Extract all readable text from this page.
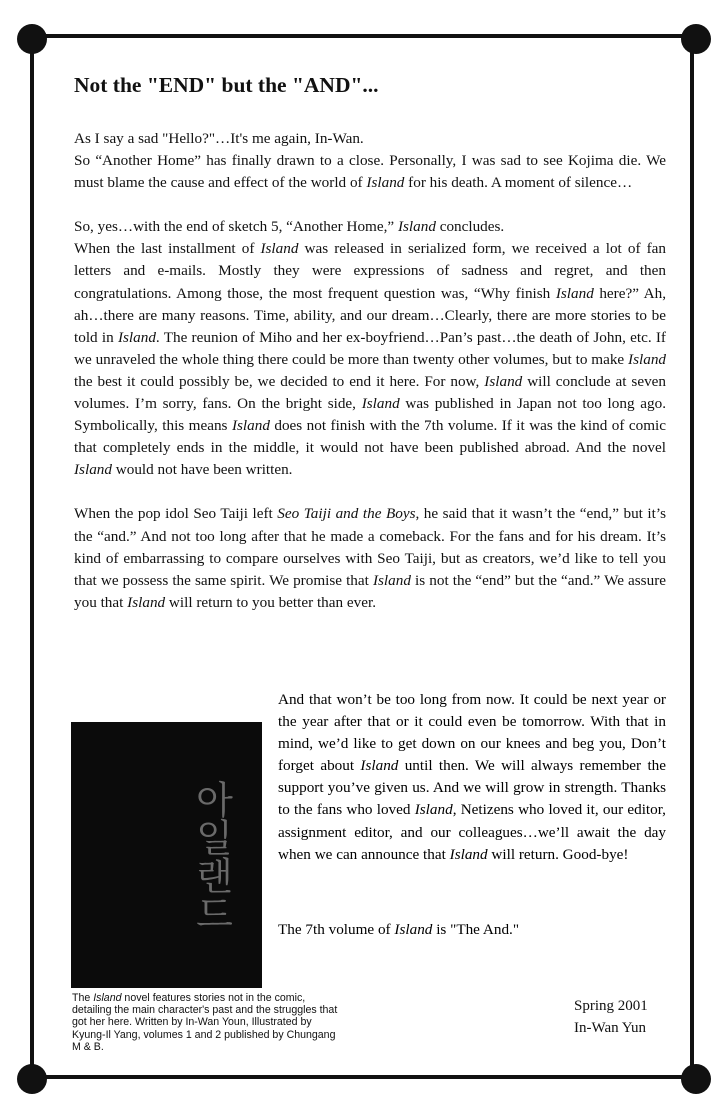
Not the "END" but the "AND"...

As I say a sad "Hello?"…It's me again, In-Wan.
So “Another Home” has finally drawn to a close. Personally, I was sad to see Kojima die. We must blame the cause and effect of the world of Island for his death. A moment of silence…

So, yes…with the end of sketch 5, “Another Home,” Island concludes.

When the last installment of Island was released in serialized form, we received a lot of fan letters and e-mails. Mostly they were expressions of sadness and regret, and then congratulations. Among those, the most frequent question was, “Why finish Island here?” Ah, ah…there are many reasons. Time, ability, and our dream…Clearly, there are more stories to be told in Island. The reunion of Miho and her ex-boyfriend…Pan’s past…the death of John, etc. If we unraveled the whole thing there could be more than twenty other volumes, but to make Island the best it could possibly be, we decided to end it here. For now, Island will conclude at seven volumes. I’m sorry, fans. On the bright side, Island was published in Japan not too long ago. Symbolically, this means Island does not finish with the 7th volume. If it was the kind of comic that completely ends in the middle, it would not have been published abroad. And the novel Island would not have been written.

When the pop idol Seo Taiji left Seo Taiji and the Boys, he said that it wasn’t the “end,” but it’s the “and.” And not too long after that he made a comeback. For the fans and for his dream. It’s kind of embarrassing to compare ourselves with Seo Taiji, but as creators, we’d like to tell you that we possess the same spirit. We promise that Island is not the “end” but the “and.” We assure you that Island will return to you better than ever.

아일랜드
The Island novel features stories not in the comic, detailing the main character's past and the struggles that got her here. Written by In-Wan Youn, Illustrated by Kyung-Il Yang, volumes 1 and 2 published by Chungang M & B.

And that won’t be too long from now. It could be next year or the year after that or it could even be tomorrow. With that in mind, we’d like to get down on our knees and beg you, Don’t forget about Island until then. We will always remember the support you’ve given us. And we will grow in strength. Thanks to the fans who loved Island, Netizens who loved it, our editor, assignment editor, and our colleagues…we’ll await the day when we can announce that Island will return. Good-bye!

The 7th volume of Island is "The And."
Spring 2001
In-Wan Yun
